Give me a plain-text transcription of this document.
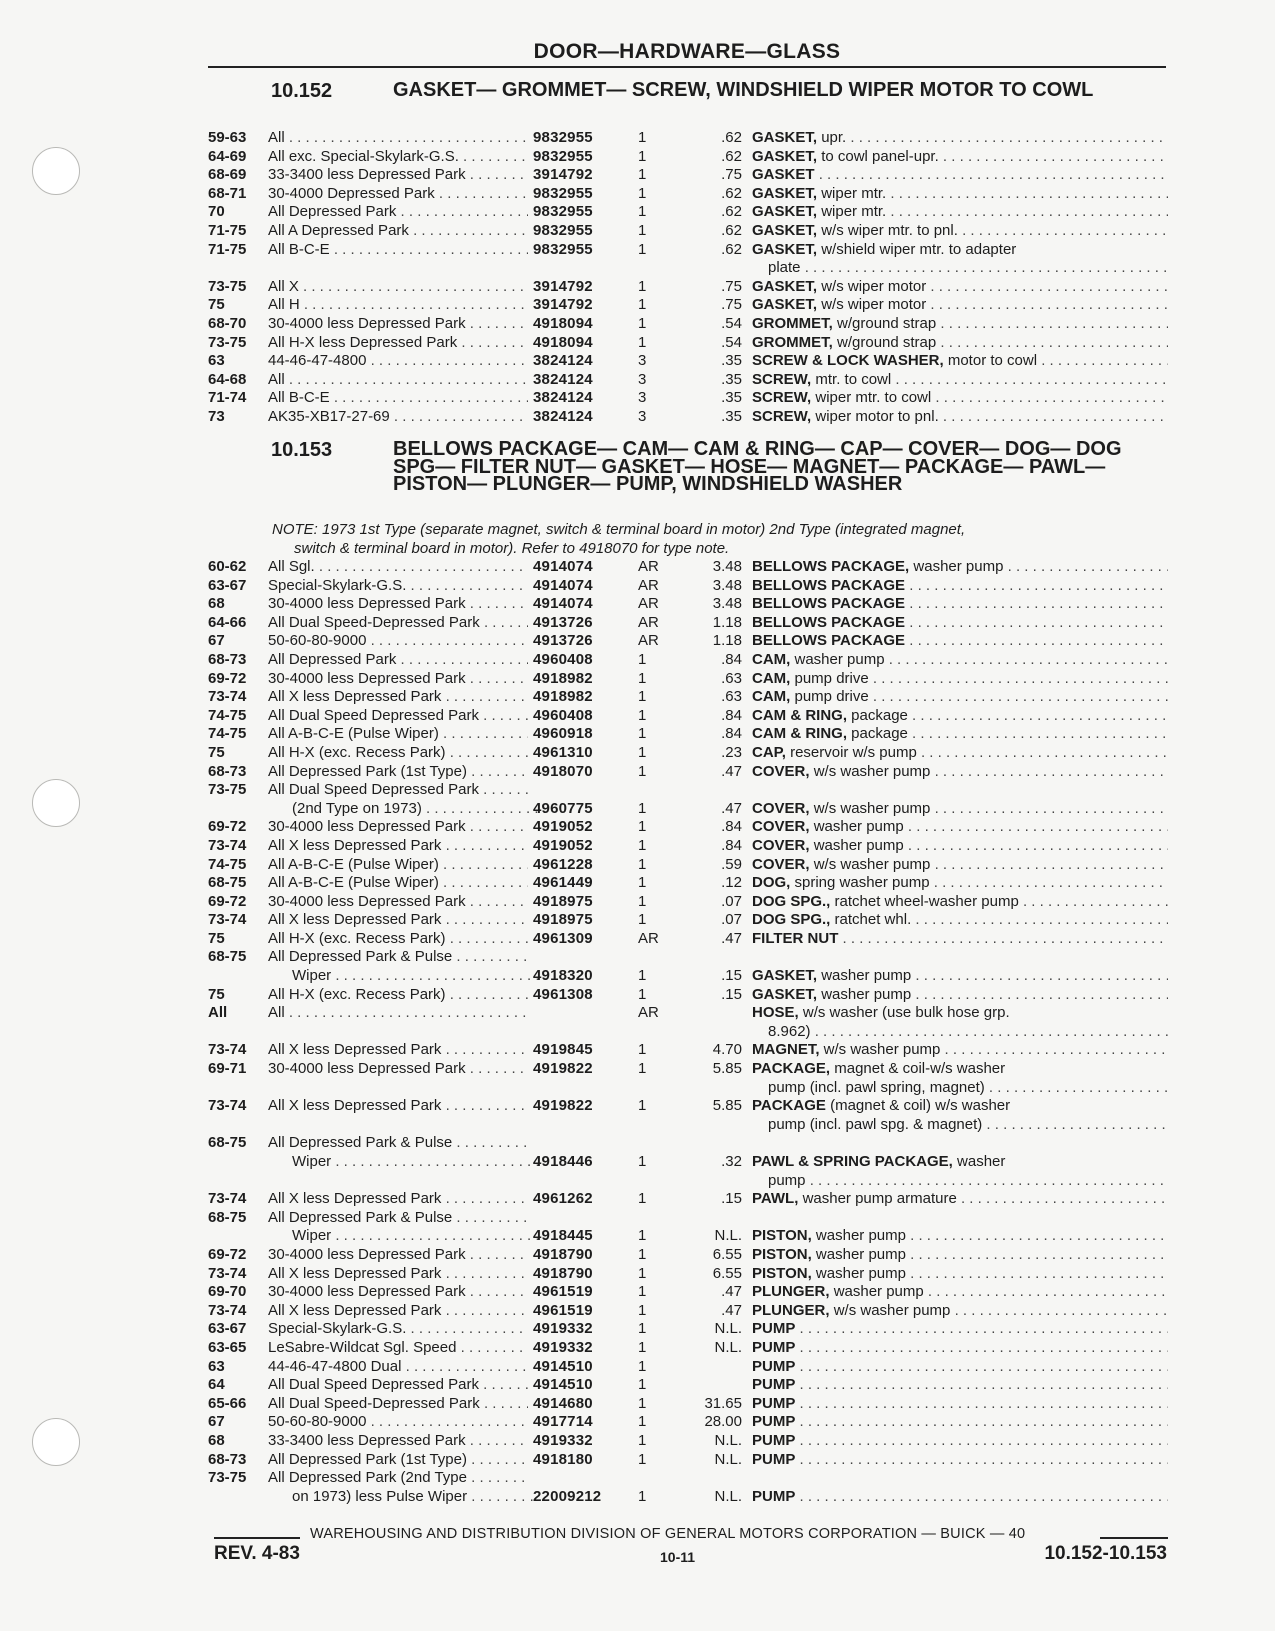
DOOR—HARDWARE—GLASS
10.152	GASKET— GROMMET— SCREW, WINDSHIELD WIPER MOTOR TO COWL
59-63	All . . .	9832955	1	.62 GASKET, upr. . . .
64-69	All exc. Special-Skylark-G.S. . . .	9832955	1	.62 GASKET, to cowl panel-upr. . . .
68-69	33-3400 less Depressed Park . . .	3914792	1	.75 GASKET . . .
68-71	30-4000 Depressed Park . . .	9832955	1	.62 GASKET, wiper mtr. . . .
70	All Depressed Park . . .	9832955	1	.62 GASKET, wiper mtr. . . .
71-75	All A Depressed Park . . .	9832955	1	.62 GASKET, w/s wiper mtr. to pnl. . . .
71-75	All B-C-E . . .	9832955	1	.62 GASKET, w/shield wiper mtr. to adapter
plate . . .
73-75	All X . . .	3914792	1	.75 GASKET, w/s wiper motor . . .
75	All H . . .	3914792	1	.75 GASKET, w/s wiper motor . . .
68-70	30-4000 less Depressed Park . . .	4918094	1	.54 GROMMET, w/ground strap . . .
73-75	All H-X less Depressed Park . . .	4918094	1	.54 GROMMET, w/ground strap . . .
63	44-46-47-4800 . . .	3824124	3	.35 SCREW & LOCK WASHER, motor to cowl . . .
64-68	All . . .	3824124	3	.35 SCREW, mtr. to cowl . . .
71-74	All B-C-E . . .	3824124	3	.35 SCREW, wiper mtr. to cowl . . .
73	AK35-XB17-27-69 . . .	3824124	3	.35 SCREW, wiper motor to pnl. . . .
10.153	BELLOWS PACKAGE— CAM— CAM & RING— CAP— COVER— DOG— DOG SPG— FILTER NUT— GASKET— HOSE— MAGNET— PACKAGE— PAWL— PISTON— PLUNGER— PUMP, WINDSHIELD WASHER
NOTE: 1973 1st Type (separate magnet, switch & terminal board in motor) 2nd Type (integrated magnet,
switch & terminal board in motor). Refer to 4918070 for type note.
60-62	All Sgl. . . .	4914074	AR	3.48 BELLOWS PACKAGE, washer pump . . .
63-67	Special-Skylark-G.S. . . .	4914074	AR	3.48 BELLOWS PACKAGE . . .
68	30-4000 less Depressed Park . . .	4914074	AR	3.48 BELLOWS PACKAGE . . .
64-66	All Dual Speed-Depressed Park . . .	4913726	AR	1.18 BELLOWS PACKAGE . . .
67	50-60-80-9000 . . .	4913726	AR	1.18 BELLOWS PACKAGE . . .
68-73	All Depressed Park . . .	4960408	1	.84 CAM, washer pump . . .
69-72	30-4000 less Depressed Park . . .	4918982	1	.63 CAM, pump drive . . .
73-74	All X less Depressed Park . . .	4918982	1	.63 CAM, pump drive . . .
74-75	All Dual Speed Depressed Park . . .	4960408	1	.84 CAM & RING, package . . .
74-75	All A-B-C-E (Pulse Wiper) . . .	4960918	1	.84 CAM & RING, package . . .
75	All H-X (exc. Recess Park) . . .	4961310	1	.23 CAP, reservoir w/s pump . . .
68-73	All Depressed Park (1st Type) . . .	4918070	1	.47 COVER, w/s washer pump . . .
73-75	All Dual Speed Depressed Park . . .
(2nd Type on 1973) . . .	4960775	1	.47 COVER, w/s washer pump . . .
69-72	30-4000 less Depressed Park . . .	4919052	1	.84 COVER, washer pump . . .
73-74	All X less Depressed Park . . .	4919052	1	.84 COVER, washer pump . . .
74-75	All A-B-C-E (Pulse Wiper) . . .	4961228	1	.59 COVER, w/s washer pump . . .
68-75	All A-B-C-E (Pulse Wiper) . . .	4961449	1	.12 DOG, spring washer pump . . .
69-72	30-4000 less Depressed Park . . .	4918975	1	.07 DOG SPG., ratchet wheel-washer pump . . .
73-74	All X less Depressed Park . . .	4918975	1	.07 DOG SPG., ratchet whl. . . .
75	All H-X (exc. Recess Park) . . .	4961309	AR	.47 FILTER NUT . . .
68-75	All Depressed Park & Pulse . . .
Wiper . . .	4918320	1	.15 GASKET, washer pump . . .
75	All H-X (exc. Recess Park) . . .	4961308	1	.15 GASKET, washer pump . . .
All	All . . .	AR	HOSE, w/s washer (use bulk hose grp.
8.962) . . .
73-74	All X less Depressed Park . . .	4919845	1	4.70 MAGNET, w/s washer pump . . .
69-71	30-4000 less Depressed Park . . .	4919822	1	5.85 PACKAGE, magnet & coil-w/s washer
pump (incl. pawl spring, magnet) . . .
73-74	All X less Depressed Park . . .	4919822	1	5.85 PACKAGE (magnet & coil) w/s washer
pump (incl. pawl spg. & magnet) . . .
68-75	All Depressed Park & Pulse . . .
Wiper . . .	4918446	1	.32 PAWL & SPRING PACKAGE, washer
pump . . .
73-74	All X less Depressed Park . . .	4961262	1	.15 PAWL, washer pump armature . . .
68-75	All Depressed Park & Pulse . . .
Wiper . . .	4918445	1	N.L. PISTON, washer pump . . .
69-72	30-4000 less Depressed Park . . .	4918790	1	6.55 PISTON, washer pump . . .
73-74	All X less Depressed Park . . .	4918790	1	6.55 PISTON, washer pump . . .
69-70	30-4000 less Depressed Park . . .	4961519	1	.47 PLUNGER, washer pump . . .
73-74	All X less Depressed Park . . .	4961519	1	.47 PLUNGER, w/s washer pump . . .
63-67	Special-Skylark-G.S. . . .	4919332	1	N.L. PUMP . . .
63-65	LeSabre-Wildcat Sgl. Speed . . .	4919332	1	N.L. PUMP . . .
63	44-46-47-4800 Dual . . .	4914510	1	PUMP . . .
64	All Dual Speed Depressed Park . . .	4914510	1	PUMP . . .
65-66	All Dual Speed-Depressed Park . . .	4914680	1	31.65 PUMP . . .
67	50-60-80-9000 . . .	4917714	1	28.00 PUMP . . .
68	33-3400 less Depressed Park . . .	4919332	1	N.L. PUMP . . .
68-73	All Depressed Park (1st Type) . . .	4918180	1	N.L. PUMP . . .
73-75	All Depressed Park (2nd Type . . .
on 1973) less Pulse Wiper . . .	22009212	1	N.L. PUMP . . .
WAREHOUSING AND DISTRIBUTION DIVISION OF GENERAL MOTORS CORPORATION — BUICK — 40
REV. 4-83	10-11	10.152-10.153
